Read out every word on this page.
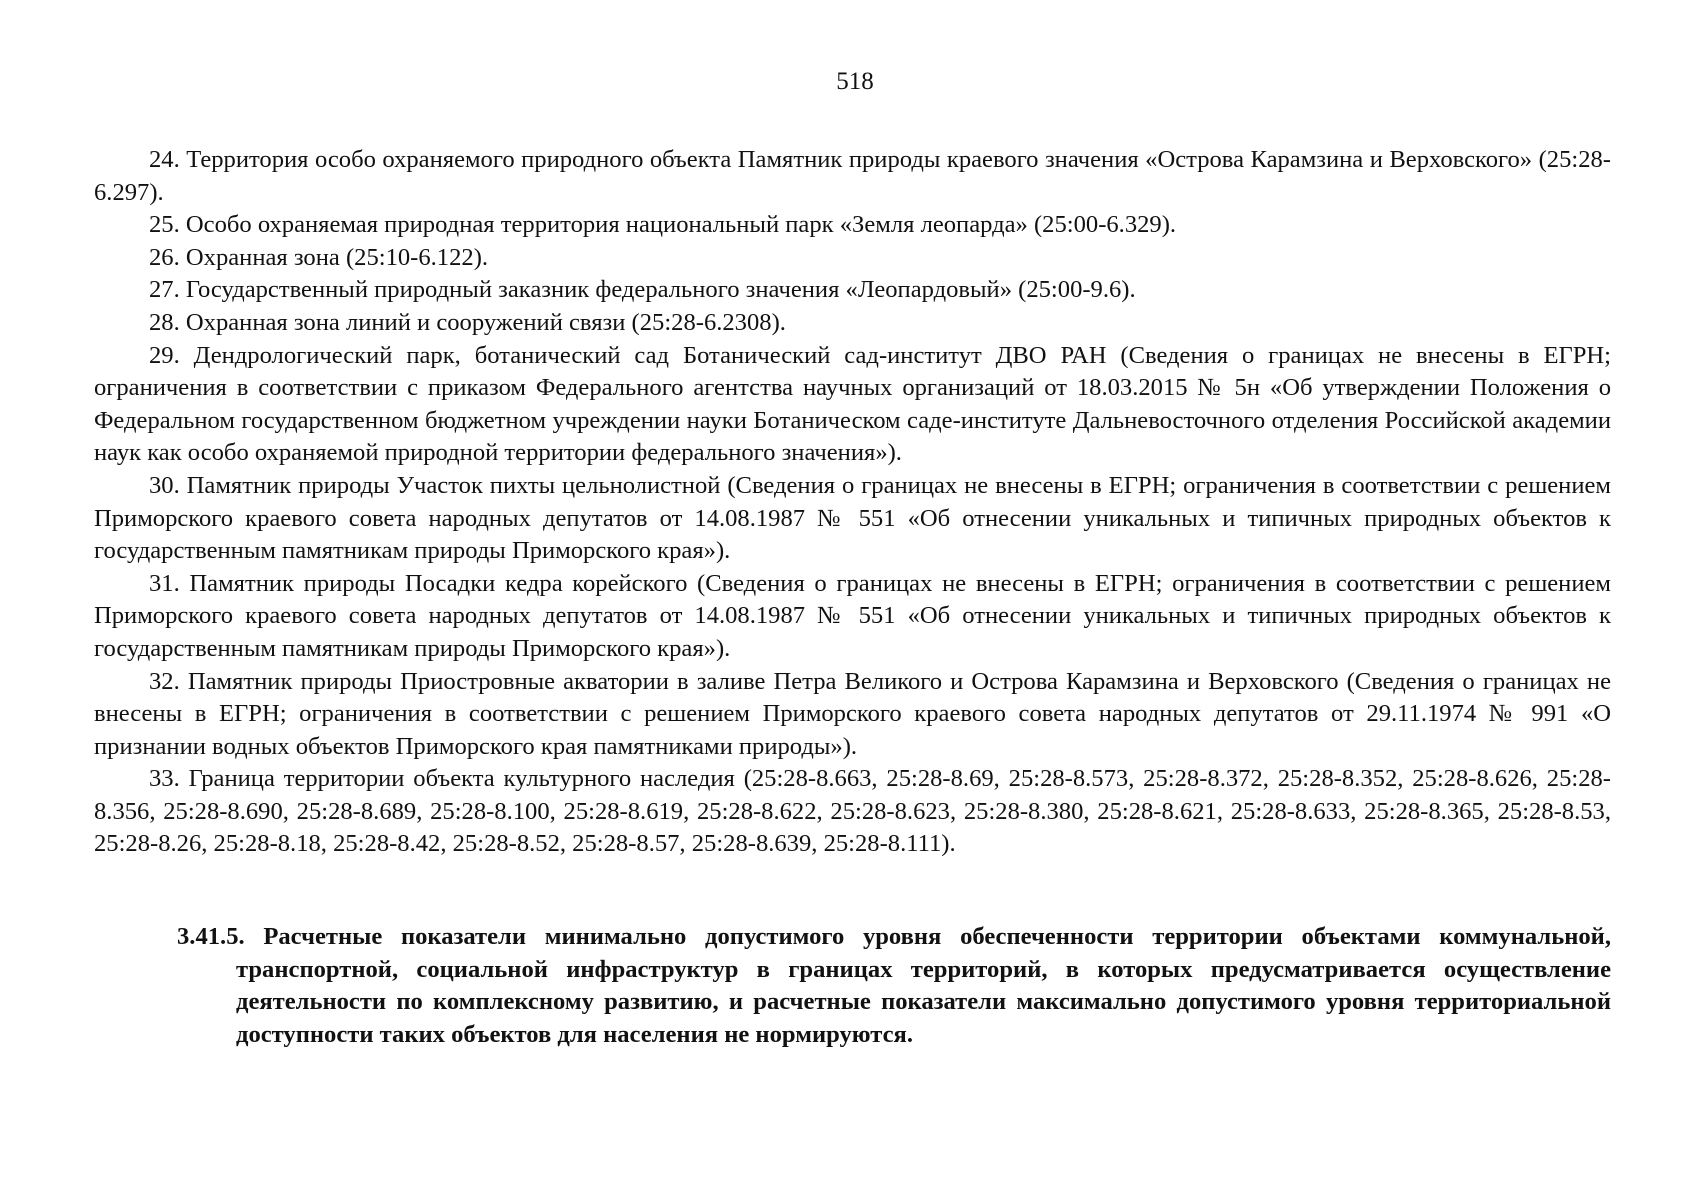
518

24. Территория особо охраняемого природного объекта Памятник природы краевого значения «Острова Карамзина и Верховского» (25:28-6.297).

25. Особо охраняемая природная территория национальный парк «Земля леопарда» (25:00-6.329).

26. Охранная зона (25:10-6.122).

27. Государственный природный заказник федерального значения «Леопардовый» (25:00-9.6).

28. Охранная зона линий и сооружений связи (25:28-6.2308).

29. Дендрологический парк, ботанический сад Ботанический сад-институт ДВО РАН (Сведения о границах не внесены в ЕГРН; ограничения в соответствии с приказом Федерального агентства научных организаций от 18.03.2015 № 5н «Об утверждении Положения о Федеральном государственном бюджетном учреждении науки Ботаническом саде-институте Дальневосточного отделения Российской академии наук как особо охраняемой природной территории федерального значения»).

30. Памятник природы Участок пихты цельнолистной (Сведения о границах не внесены в ЕГРН; ограничения в соответствии с решением Приморского краевого совета народных депутатов от 14.08.1987 № 551 «Об отнесении уникальных и типичных природных объектов к государственным памятникам природы Приморского края»).

31. Памятник природы Посадки кедра корейского (Сведения о границах не внесены в ЕГРН; ограничения в соответствии с решением Приморского краевого совета народных депутатов от 14.08.1987 № 551 «Об отнесении уникальных и типичных природных объектов к государственным памятникам природы Приморского края»).

32. Памятник природы Приостровные акватории в заливе Петра Великого и Острова Карамзина и Верховского (Сведения о границах не внесены в ЕГРН; ограничения в соответствии с решением Приморского краевого совета народных депутатов от 29.11.1974 № 991 «О признании водных объектов Приморского края памятниками природы»).

33. Граница территории объекта культурного наследия (25:28-8.663, 25:28-8.69, 25:28-8.573, 25:28-8.372, 25:28-8.352, 25:28-8.626, 25:28-8.356, 25:28-8.690, 25:28-8.689, 25:28-8.100, 25:28-8.619, 25:28-8.622, 25:28-8.623, 25:28-8.380, 25:28-8.621, 25:28-8.633, 25:28-8.365, 25:28-8.53, 25:28-8.26, 25:28-8.18, 25:28-8.42, 25:28-8.52, 25:28-8.57, 25:28-8.639, 25:28-8.111).

3.41.5. Расчетные показатели минимально допустимого уровня обеспеченности территории объектами коммунальной, транспортной, социальной инфраструктур в границах территорий, в которых предусматривается осуществление деятельности по комплексному развитию, и расчетные показатели максимально допустимого уровня территориальной доступности таких объектов для населения не нормируются.
